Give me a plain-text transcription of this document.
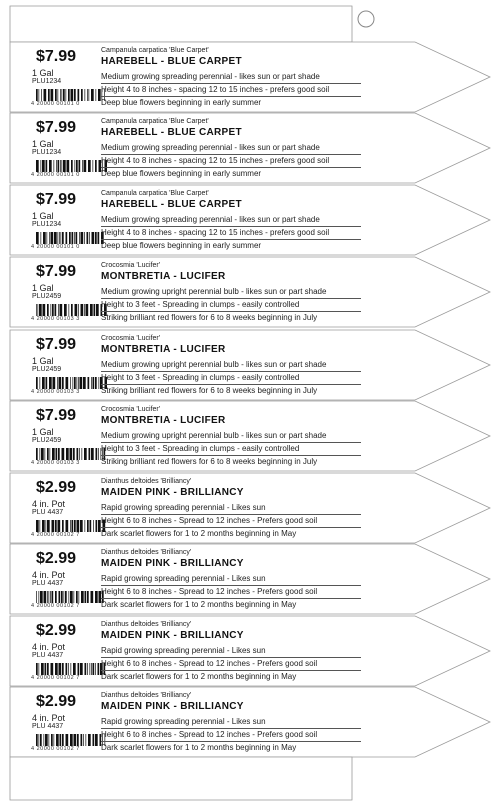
$7.99
1 Gal
PLU1234
4 20000 00101 0
Campanula carpatica 'Blue Carpet'
HAREBELL - BLUE CARPET
Medium growing spreading perennial - likes sun or part shade
Height 4 to 8 inches - spacing 12 to 15 inches - prefers good soil
Deep blue flowers beginning in early summer
$7.99
1 Gal
PLU1234
4 20000 00101 0
Campanula carpatica 'Blue Carpet'
HAREBELL - BLUE CARPET
Medium growing spreading perennial - likes sun or part shade
Height 4 to 8 inches - spacing 12 to 15 inches - prefers good soil
Deep blue flowers beginning in early summer
$7.99
1 Gal
PLU1234
4 20000 00101 0
Campanula carpatica 'Blue Carpet'
HAREBELL - BLUE CARPET
Medium growing spreading perennial - likes sun or part shade
Height 4 to 8 inches - spacing 12 to 15 inches - prefers good soil
Deep blue flowers beginning in early summer
$7.99
1 Gal
PLU2459
4 20000 00103 3
Crocosmia 'Lucifer'
MONTBRETIA - LUCIFER
Medium growing upright perennial bulb - likes sun or part shade
Height to 3 feet - Spreading in clumps - easily controlled
Striking brilliant red flowers for 6 to 8 weeks beginning in July
$7.99
1 Gal
PLU2459
4 20000 00103 3
Crocosmia 'Lucifer'
MONTBRETIA - LUCIFER
Medium growing upright perennial bulb - likes sun or part shade
Height to 3 feet - Spreading in clumps - easily controlled
Striking brilliant red flowers for 6 to 8 weeks beginning in July
$7.99
1 Gal
PLU2459
4 20000 00103 3
Crocosmia 'Lucifer'
MONTBRETIA - LUCIFER
Medium growing upright perennial bulb - likes sun or part shade
Height to 3 feet - Spreading in clumps - easily controlled
Striking brilliant red flowers for 6 to 8 weeks beginning in July
$2.99
4 in. Pot
PLU 4437
4 20000 00102 7
Dianthus deltoides 'Brilliancy'
MAIDEN PINK - BRILLIANCY
Rapid growing spreading perennial - Likes sun
Height 6 to 8 inches - Spread to 12 inches - Prefers good soil
Dark scarlet flowers for 1 to 2 months beginning in May
$2.99
4 in. Pot
PLU 4437
4 20000 00102 7
Dianthus deltoides 'Brilliancy'
MAIDEN PINK - BRILLIANCY
Rapid growing spreading perennial - Likes sun
Height 6 to 8 inches - Spread to 12 inches - Prefers good soil
Dark scarlet flowers for 1 to 2 months beginning in May
$2.99
4 in. Pot
PLU 4437
4 20000 00102 7
Dianthus deltoides 'Brilliancy'
MAIDEN PINK - BRILLIANCY
Rapid growing spreading perennial - Likes sun
Height 6 to 8 inches - Spread to 12 inches - Prefers good soil
Dark scarlet flowers for 1 to 2 months beginning in May
$2.99
4 in. Pot
PLU 4437
4 20000 00102 7
Dianthus deltoides 'Brilliancy'
MAIDEN PINK - BRILLIANCY
Rapid growing spreading perennial - Likes sun
Height 6 to 8 inches - Spread to 12 inches - Prefers good soil
Dark scarlet flowers for 1 to 2 months beginning in May
